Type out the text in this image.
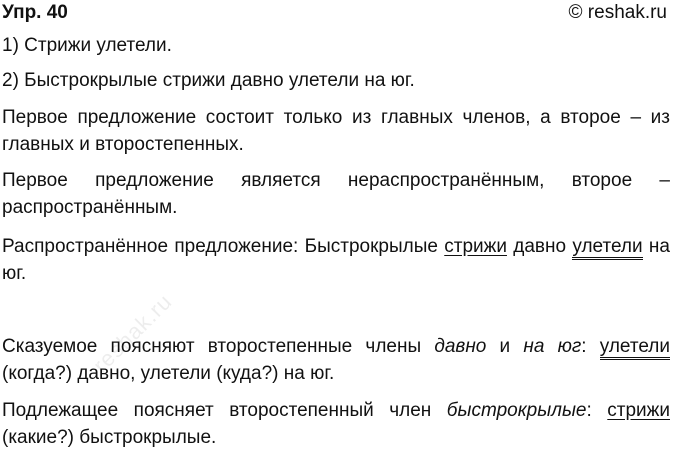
Упр. 40	© reshak.ru

1) Стрижи улетели.

2) Быстрокрылые стрижи давно улетели на юг.

Первое предложение состоит только из главных членов, а второе – из главных и второстепенных.

Первое предложение является нераспространённым, второе – распространённым.

Распространённое предложение: Быстрокрылые стрижи давно улетели на юг.

Сказуемое поясняют второстепенные члены давно и на юг: улетели (когда?) давно, улетели (куда?) на юг.

Подлежащее поясняет второстепенный член быстрокрылые: стрижи (какие?) быстрокрылые.

reshak.ru
